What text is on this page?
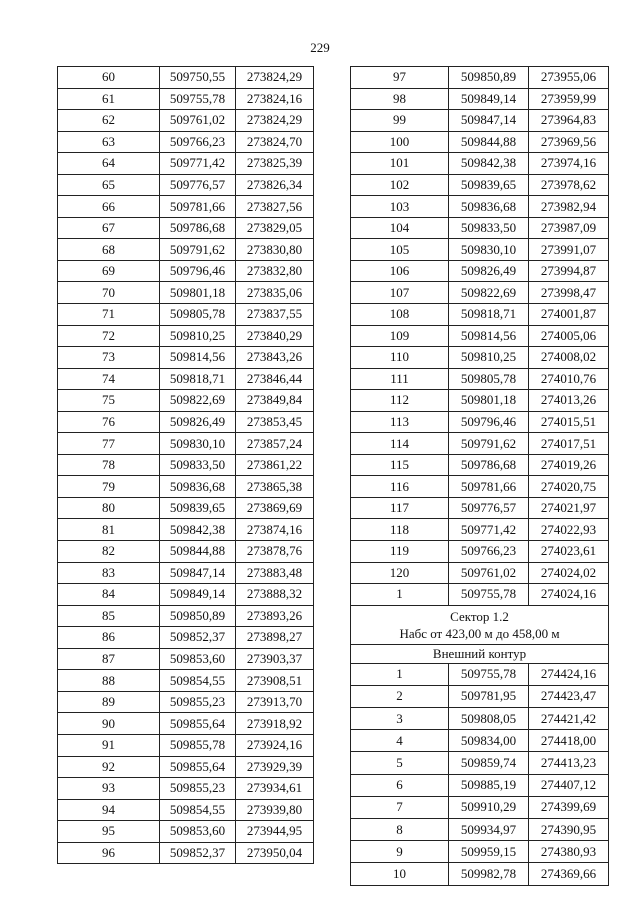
229
60	509750,55	273824,29
61	509755,78	273824,16
62	509761,02	273824,29
63	509766,23	273824,70
64	509771,42	273825,39
65	509776,57	273826,34
66	509781,66	273827,56
67	509786,68	273829,05
68	509791,62	273830,80
69	509796,46	273832,80
70	509801,18	273835,06
71	509805,78	273837,55
72	509810,25	273840,29
73	509814,56	273843,26
74	509818,71	273846,44
75	509822,69	273849,84
76	509826,49	273853,45
77	509830,10	273857,24
78	509833,50	273861,22
79	509836,68	273865,38
80	509839,65	273869,69
81	509842,38	273874,16
82	509844,88	273878,76
83	509847,14	273883,48
84	509849,14	273888,32
85	509850,89	273893,26
86	509852,37	273898,27
87	509853,60	273903,37
88	509854,55	273908,51
89	509855,23	273913,70
90	509855,64	273918,92
91	509855,78	273924,16
92	509855,64	273929,39
93	509855,23	273934,61
94	509854,55	273939,80
95	509853,60	273944,95
96	509852,37	273950,04
97	509850,89	273955,06
98	509849,14	273959,99
99	509847,14	273964,83
100	509844,88	273969,56
101	509842,38	273974,16
102	509839,65	273978,62
103	509836,68	273982,94
104	509833,50	273987,09
105	509830,10	273991,07
106	509826,49	273994,87
107	509822,69	273998,47
108	509818,71	274001,87
109	509814,56	274005,06
110	509810,25	274008,02
111	509805,78	274010,76
112	509801,18	274013,26
113	509796,46	274015,51
114	509791,62	274017,51
115	509786,68	274019,26
116	509781,66	274020,75
117	509776,57	274021,97
118	509771,42	274022,93
119	509766,23	274023,61
120	509761,02	274024,02
1	509755,78	274024,16

Сектор 1.2
Набс от 423,00 м до 458,00 м		

Внешний контур		
1	509755,78	274424,16
2	509781,95	274423,47
3	509808,05	274421,42
4	509834,00	274418,00
5	509859,74	274413,23
6	509885,19	274407,12
7	509910,29	274399,69
8	509934,97	274390,95
9	509959,15	274380,93
10	509982,78	274369,66
